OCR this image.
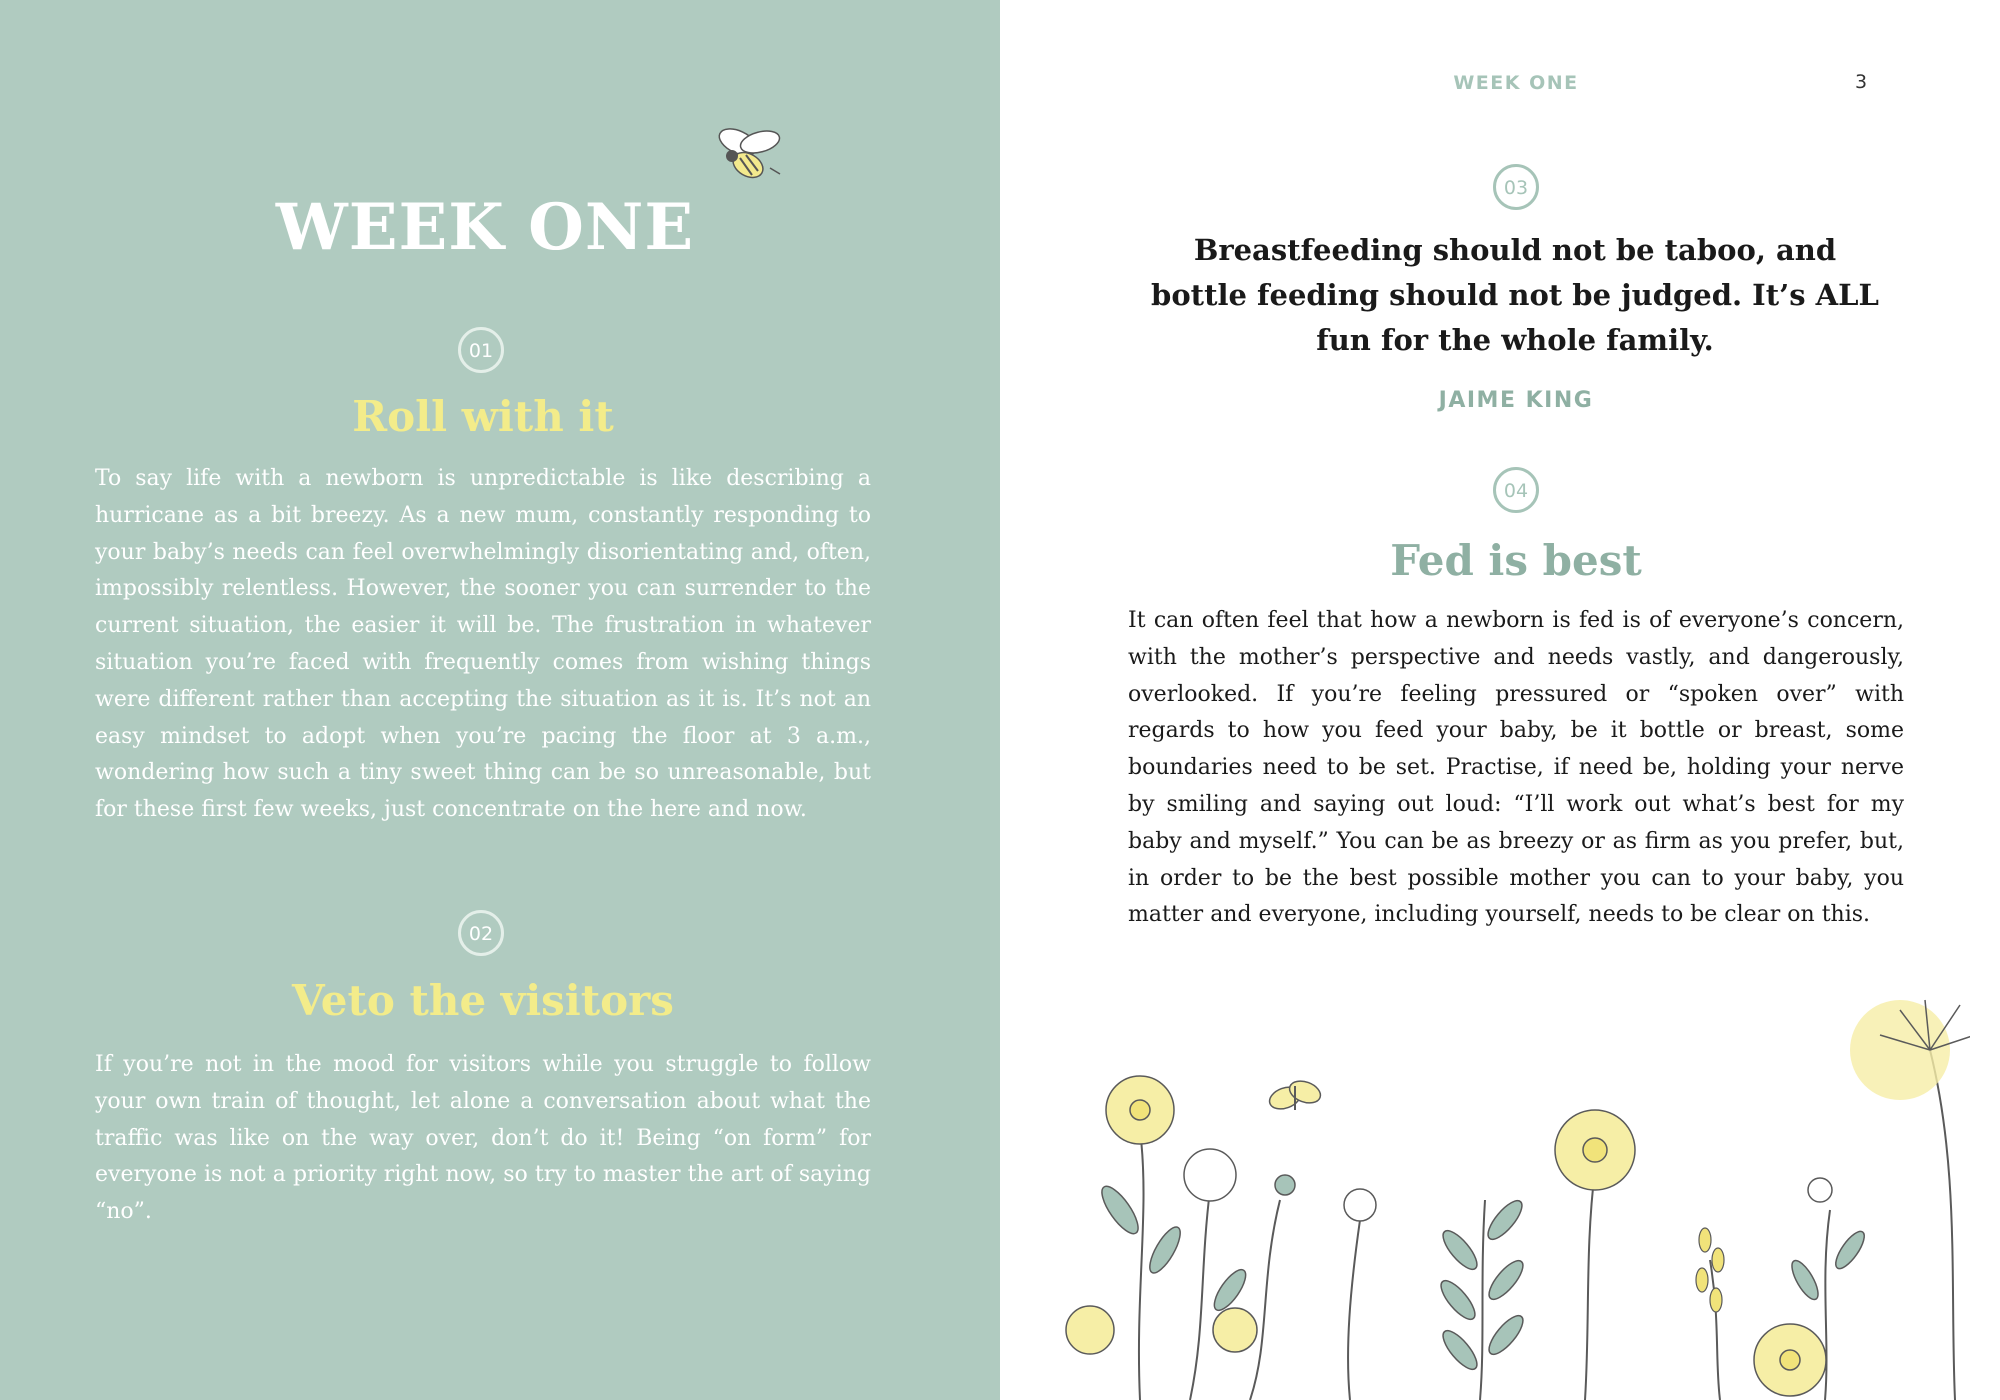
WEEK ONE
01
Roll with it

To say life with a newborn is unpredictable is like describing a hurricane as a bit breezy. As a new mum, constantly responding to your baby’s needs can feel overwhelmingly disorientating and, often, impossibly relentless. However, the sooner you can surrender to the current situation, the easier it will be. The frustration in whatever situation you’re faced with frequently comes from wishing things were different rather than accepting the situation as it is. It’s not an easy mindset to adopt when you’re pacing the floor at 3 a.m., wondering how such a tiny sweet thing can be so unreasonable, but for these first few weeks, just concentrate on the here and now.

02
Veto the visitors

If you’re not in the mood for visitors while you struggle to follow your own train of thought, let alone a conversation about what the traffic was like on the way over, don’t do it! Being “on form” for everyone is not a priority right now, so try to master the art of saying “no”.

WEEK ONE	3
03

Breastfeeding should not be taboo, and bottle feeding should not be judged. It’s ALL fun for the whole family.

JAIME KING
04
Fed is best

It can often feel that how a newborn is fed is of everyone’s concern, with the mother’s perspective and needs vastly, and dangerously, overlooked. If you’re feeling pressured or “spoken over” with regards to how you feed your baby, be it bottle or breast, some boundaries need to be set. Practise, if need be, holding your nerve by smiling and saying out loud: “I’ll work out what’s best for my baby and myself.” You can be as breezy or as firm as you prefer, but, in order to be the best possible mother you can to your baby, you matter and everyone, including yourself, needs to be clear on this.
